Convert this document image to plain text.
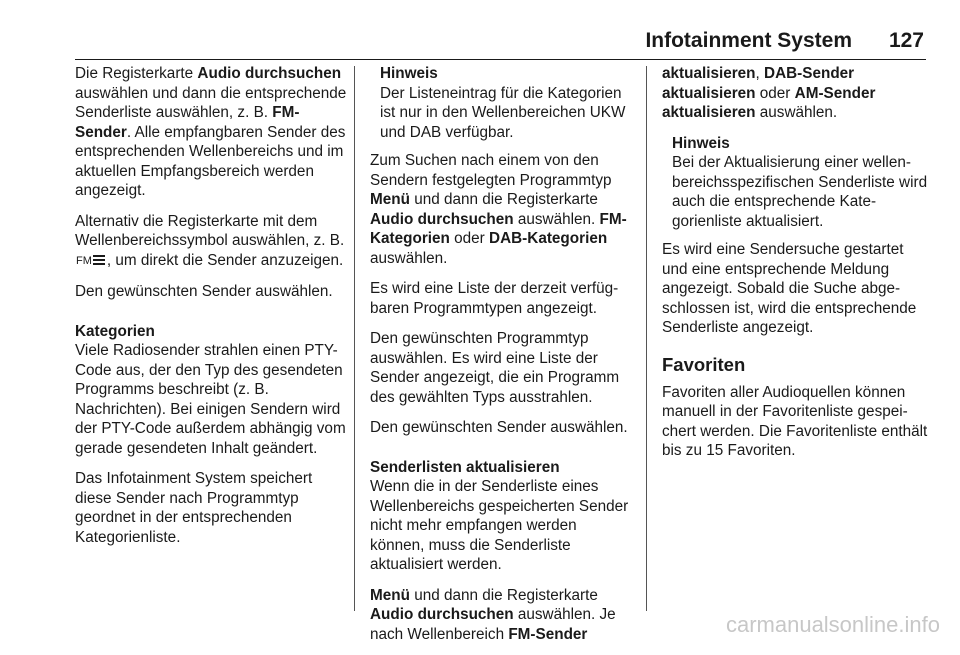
Infotainment System 127

Die Registerkarte Audio durchsuchen auswählen und dann die entsprechende Senderliste auswählen, z. B. FM-Sender. Alle empfangbaren Sender des entsprechenden Wellenbereichs und im aktuellen Empfangsbereich werden angezeigt.

Alternativ die Registerkarte mit dem Wellenbereichssymbol auswählen, z. B. FM , um direkt die Sender anzuzeigen.

Den gewünschten Sender auswählen.

Kategorien

Viele Radiosender strahlen einen PTY-Code aus, der den Typ des gesendeten Programms beschreibt (z. B. Nachrichten). Bei einigen Sendern wird der PTY-Code außerdem abhängig vom gerade gesendeten Inhalt geändert.

Das Infotainment System speichert diese Sender nach Programmtyp geordnet in der entsprechenden Kategorienliste.

Hinweis
Der Listeneintrag für die Kategorien ist nur in den Wellenbereichen UKW und DAB verfügbar.

Zum Suchen nach einem von den Sendern festgelegten Programmtyp Menü und dann die Registerkarte Audio durchsuchen auswählen. FM-Kategorien oder DAB-Kategorien auswählen.

Es wird eine Liste der derzeit verfügbaren Programmtypen angezeigt.

Den gewünschten Programmtyp auswählen. Es wird eine Liste der Sender angezeigt, die ein Programm des gewählten Typs ausstrahlen.

Den gewünschten Sender auswählen.

Senderlisten aktualisieren

Wenn die in der Senderliste eines Wellenbereichs gespeicherten Sender nicht mehr empfangen werden können, muss die Senderliste aktualisiert werden.

Menü und dann die Registerkarte Audio durchsuchen auswählen. Je nach Wellenbereich FM-Sender

aktualisieren, DAB-Sender aktualisieren oder AM-Sender aktualisieren auswählen.

Hinweis
Bei der Aktualisierung einer wellenbereichsspezifischen Senderliste wird auch die entsprechende Kategorienliste aktualisiert.

Es wird eine Sendersuche gestartet und eine entsprechende Meldung angezeigt. Sobald die Suche abgeschlossen ist, wird die entsprechende Senderliste angezeigt.

Favoriten

Favoriten aller Audioquellen können manuell in der Favoritenliste gespeichert werden. Die Favoritenliste enthält bis zu 15 Favoriten.

carmanualsonline.info
